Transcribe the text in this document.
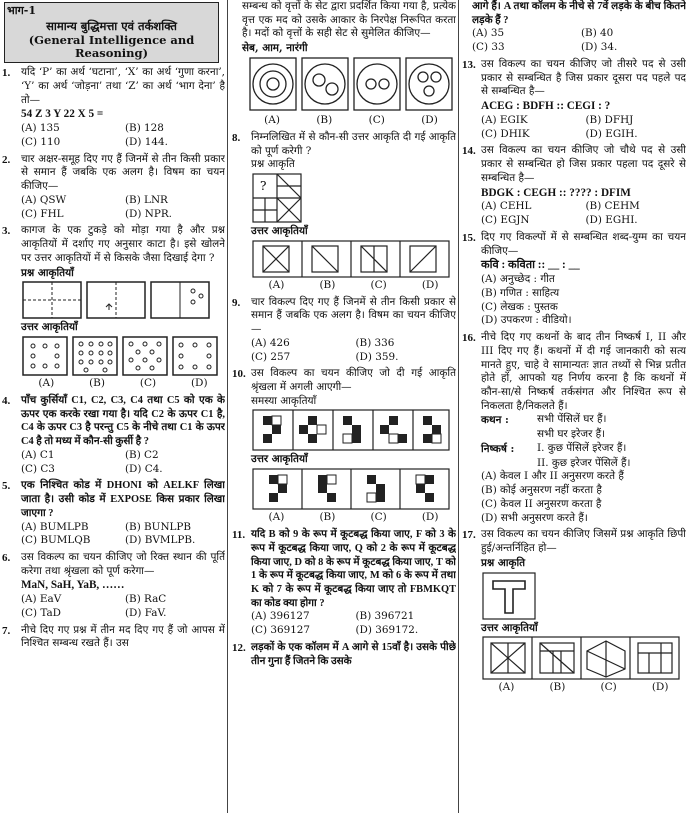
भाग-1
सामान्य बुद्धिमत्ता एवं तर्कशक्ति
(General Intelligence and
Reasoning)
1.	यदि ‘P’ का अर्थ ‘घटाना’, ‘X’ का अर्थ ‘गुणा करना’, ‘Y’ का अर्थ ‘जोड़ना’ तथा ‘Z’ का अर्थ ‘भाग देना’ है तो—
54 Z 3 Y 22 X 5 =
(A) 135	(B) 128
(C) 110	(D) 144.
2.	चार अक्षर-समूह दिए गए हैं जिनमें से तीन किसी प्रकार से समान हैं जबकि एक अलग है। विषम का चयन कीजिए—
(A) QSW	(B) LNR
(C) FHL	(D) NPR.
3.	कागज के एक टुकड़े को मोड़ा गया है और प्रश्न आकृतियों में दर्शाए गए अनुसार काटा है। इसे खोलने पर उत्तर आकृतियों में से किसके जैसा दिखाई देगा ?
प्रश्न आकृतियाँ
उत्तर आकृतियाँ
(A)	(B)	(C)	(D)
4.	पाँच कुर्सियाँ C1, C2, C3, C4 तथा C5 को एक के ऊपर एक करके रखा गया है। यदि C2 के ऊपर C1 है, C4 के ऊपर C3 है परन्तु C5 के नीचे तथा C1 के ऊपर C4 है तो मध्य में कौन-सी कुर्सी है ?
(A) C1	(B) C2
(C) C3	(D) C4.
5.	एक निश्चित कोड में DHONI को AELKF लिखा जाता है। उसी कोड में EXPOSE किस प्रकार लिखा जाएगा ?
(A) BUMLPB	(B) BUNLPB
(C) BUMLQB	(D) BVMLPB.
6.	उस विकल्प का चयन कीजिए जो रिक्त स्थान की पूर्ति करेगा तथा श्रृंखला को पूर्ण करेगा—
MaN, SaH, YaB, ……
(A) EaV	(B) RaC
(C) TaD	(D) FaV.
7.	नीचे दिए गए प्रश्न में तीन मद दिए गए हैं जो आपस में निश्चित सम्बन्ध रखते हैं। उस
सम्बन्ध को वृत्तों के सेट द्वारा प्रदर्शित किया गया है, प्रत्येक वृत्त एक मद को उसके आकार के निरपेक्ष निरूपित करता है। मदों को वृत्तों के सही सेट से सुमेलित कीजिए—
सेब, आम, नारंगी
(A)	(B)	(C)	(D)
8.	निम्नलिखित में से कौन-सी उत्तर आकृति दी गई आकृति को पूर्ण करेगी ?
प्रश्न आकृति
?
उत्तर आकृतियाँ
(A)	(B)	(C)	(D)
9.	चार विकल्प दिए गए हैं जिनमें से तीन किसी प्रकार से समान हैं जबकि एक अलग है। विषम का चयन कीजिए—
(A) 426	(B) 336
(C) 257	(D) 359.
10. उस विकल्प का चयन कीजिए जो दी गई आकृति श्रृंखला में अगली आएगी—
समस्या आकृतियाँ
उत्तर आकृतियाँ
(A)	(B)	(C)	(D)
11. यदि B को 9 के रूप में कूटबद्ध किया जाए, F को 3 के रूप में कूटबद्ध किया जाए, Q को 2 के रूप में कूटबद्ध किया जाए, D को 8 के रूप में कूटबद्ध किया जाए, T को 1 के रूप में कूटबद्ध किया जाए, M को 6 के रूप में तथा K को 7 के रूप में कूटबद्ध किया जाए तो FBMKQT का कोड क्या होगा ?
(A) 396127	(B) 396721
(C) 369127	(D) 369172.
12. लड़कों के एक कॉलम में A आगे से 15वाँ है। उसके पीछे तीन गुना हैं जितने कि उसके
आगे हैं। A तथा कॉलम के नीचे से 7वें लड़के के बीच कितने लड़के हैं ?
(A) 35	(B) 40
(C) 33	(D) 34.
13. उस विकल्प का चयन कीजिए जो तीसरे पद से उसी प्रकार से सम्बन्धित है जिस प्रकार दूसरा पद पहले पद से सम्बन्धित है—
ACEG : BDFH :: CEGI : ?
(A) EGIK	(B) DFHJ
(C) DHIK	(D) EGIH.
14. उस विकल्प का चयन कीजिए जो चौथे पद से उसी प्रकार से सम्बन्धित हो जिस प्रकार पहला पद दूसरे से सम्बन्धित है—
BDGK : CEGH :: ???? : DFIM
(A) CEHL	(B) CEHM
(C) EGJN	(D) EGHI.
15. दिए गए विकल्पों में से सम्बन्धित शब्द-युग्म का चयन कीजिए—
कवि : कविता :: __ : __
(A) अनुच्छेद : गीत
(B) गणित : साहित्य
(C) लेखक : पुस्तक
(D) उपकरण : वीडियो।
16. नीचे दिए गए कथनों के बाद तीन निष्कर्ष I, II और III दिए गए हैं। कथनों में दी गई जानकारी को सत्य मानते हुए, चाहे वे सामान्यतः ज्ञात तथ्यों से भिन्न प्रतीत होते हों, आपको यह निर्णय करना है कि कथनों में कौन-सा/से निष्कर्ष तर्कसंगत और निश्चित रूप से निकलता है/निकलते हैं।
कथन :	सभी पेंसिलें घर हैं।
सभी घर इरेजर हैं।
निष्कर्ष :	I. कुछ पेंसिलें इरेजर हैं।
II. कुछ इरेजर पेंसिलें हैं।
(A) केवल I और II अनुसरण करते हैं
(B) कोई अनुसरण नहीं करता है
(C) केवल II अनुसरण करता है
(D) सभी अनुसरण करते हैं।
17. उस विकल्प का चयन कीजिए जिसमें प्रश्न आकृति छिपी हुई/अन्तर्निहित हो—
प्रश्न आकृति
उत्तर आकृतियाँ
(A)	(B)	(C)	(D)
